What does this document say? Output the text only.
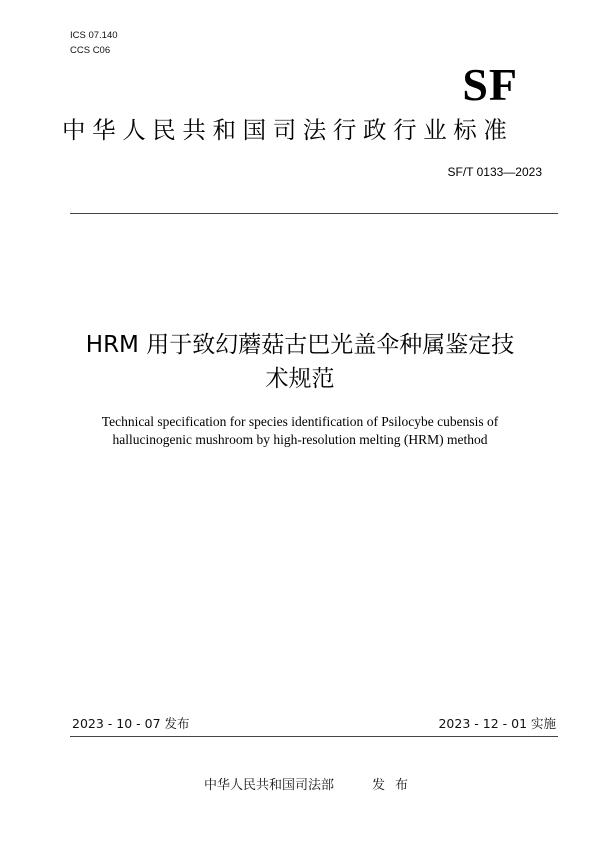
ICS 07.140
CCS C06
SF
中华人民共和国司法行政行业标准
SF/T 0133—2023
HRM 用于致幻蘑菇古巴光盖伞种属鉴定技
术规范
Technical specification for species identification of Psilocybe cubensis of
hallucinogenic mushroom by high-resolution melting (HRM) method
2023 - 10 - 07 发布	2023 - 12 - 01 实施
中华人民共和国司法部	发布
